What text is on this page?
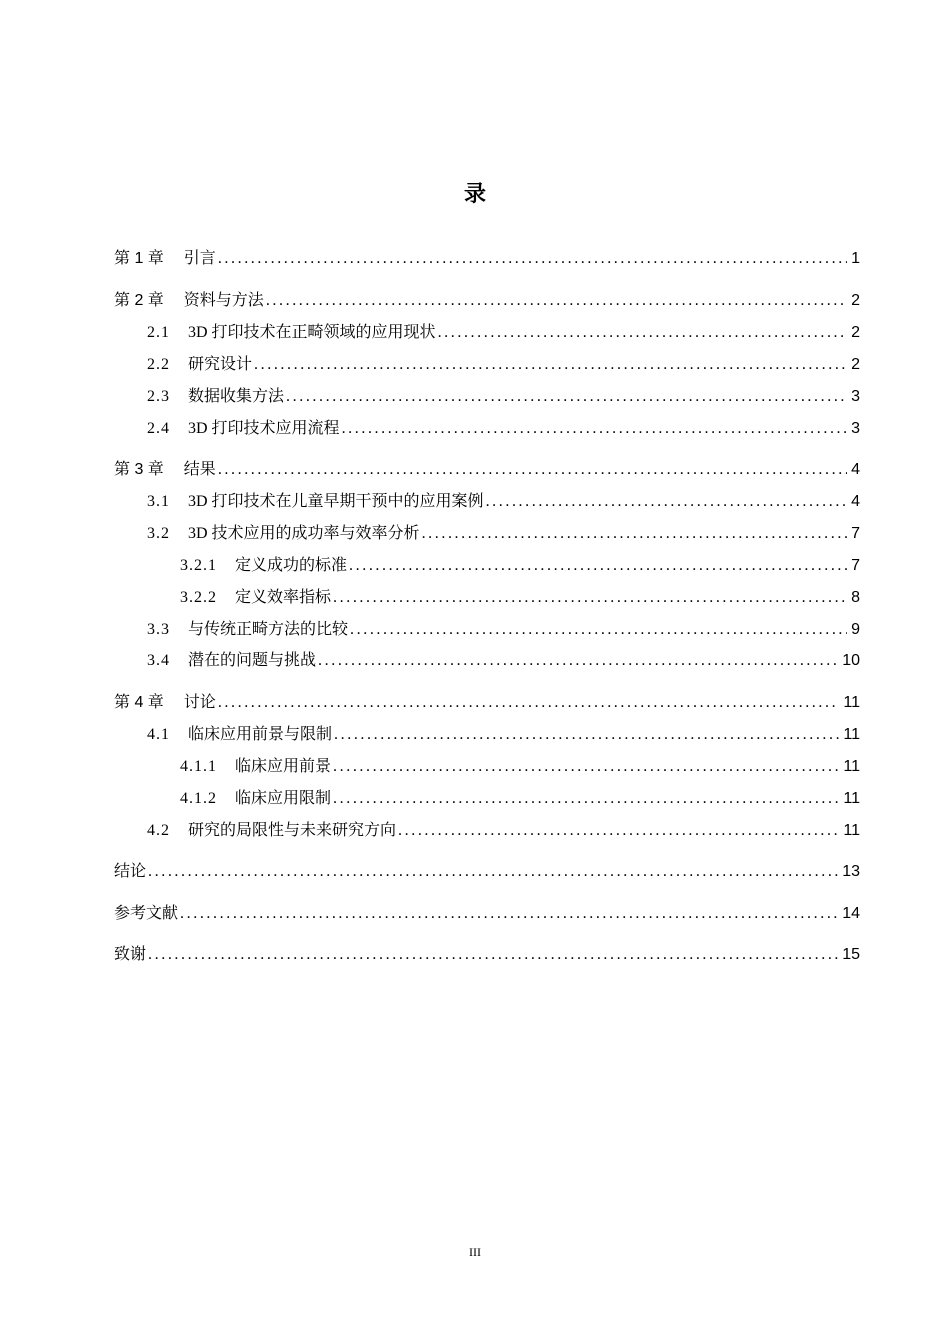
录
第 1 章 引言 .....	1
第 2 章 资料与方法 .....	2
2.1 3D 打印技术在正畸领域的应用现状 .....	2
2.2 研究设计 .....	2
2.3 数据收集方法 .....	3
2.4 3D 打印技术应用流程 .....	3
第 3 章 结果 .....	4
3.1 3D 打印技术在儿童早期干预中的应用案例 .....	4
3.2 3D 技术应用的成功率与效率分析 .....	7
3.2.1 定义成功的标准 .....	7
3.2.2 定义效率指标 .....	8
3.3 与传统正畸方法的比较 .....	9
3.4 潜在的问题与挑战 .....	10
第 4 章 讨论 .....	11
4.1 临床应用前景与限制 .....	11
4.1.1 临床应用前景 .....	11
4.1.2 临床应用限制 .....	11
4.2 研究的局限性与未来研究方向 .....	11
结论 .....	13
参考文献 .....	14
致谢 .....	15
III
